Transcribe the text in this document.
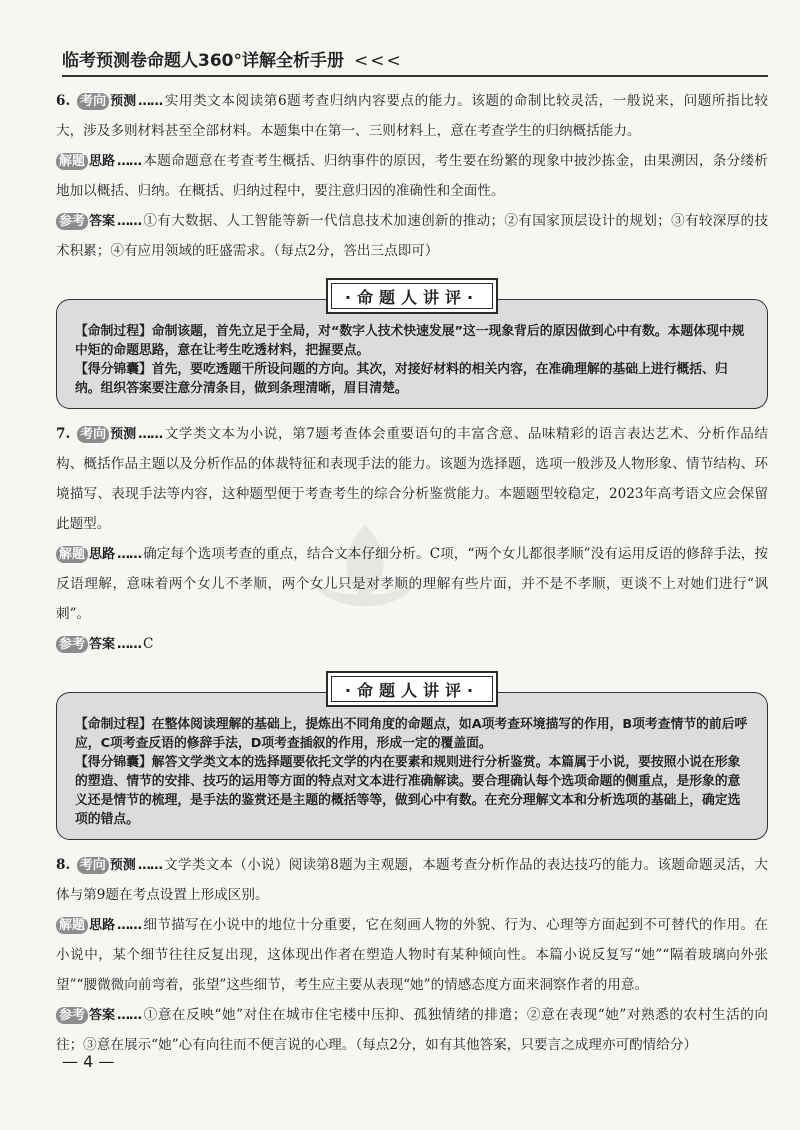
临考预测卷命题人360°详解全析手册 <<<

6. 考向 预测 …… 实用类文本阅读第6题考查归纳内容要点的能力。该题的命制比较灵活，一般说来，问题所指比较大，涉及多则材料甚至全部材料。本题集中在第一、三则材料上，意在考查学生的归纳概括能力。

解题 思路 …… 本题命题意在考查考生概括、归纳事件的原因，考生要在纷繁的现象中披沙拣金，由果溯因，条分缕析地加以概括、归纳。在概括、归纳过程中，要注意归因的准确性和全面性。

参考 答案 …… ①有大数据、人工智能等新一代信息技术加速创新的推动；②有国家顶层设计的规划；③有较深厚的技术积累；④有应用领域的旺盛需求。（每点2分，答出三点即可）

·命题人讲评·

【命制过程】命制该题，首先立足于全局，对“数字人技术快速发展”这一现象背后的原因做到心中有数。本题体现中规中矩的命题思路，意在让考生吃透材料，把握要点。

【得分锦囊】首先，要吃透题干所设问题的方向。其次，对接好材料的相关内容，在准确理解的基础上进行概括、归纳。组织答案要注意分清条目，做到条理清晰，眉目清楚。

7. 考向 预测 …… 文学类文本为小说，第7题考查体会重要语句的丰富含意、品味精彩的语言表达艺术、分析作品结构、概括作品主题以及分析作品的体裁特征和表现手法的能力。该题为选择题，选项一般涉及人物形象、情节结构、环境描写、表现手法等内容，这种题型便于考查考生的综合分析鉴赏能力。本题题型较稳定，2023年高考语文应会保留此题型。

解题 思路 …… 确定每个选项考查的重点，结合文本仔细分析。C项，“两个女儿都很孝顺”没有运用反语的修辞手法，按反语理解，意味着两个女儿不孝顺，两个女儿只是对孝顺的理解有些片面，并不是不孝顺，更谈不上对她们进行“讽刺”。

参考 答案 …… C

·命题人讲评·

【命制过程】在整体阅读理解的基础上，提炼出不同角度的命题点，如A项考查环境描写的作用，B项考查情节的前后呼应，C项考查反语的修辞手法，D项考查插叙的作用，形成一定的覆盖面。

【得分锦囊】解答文学类文本的选择题要依托文学的内在要素和规则进行分析鉴赏。本篇属于小说，要按照小说在形象的塑造、情节的安排、技巧的运用等方面的特点对文本进行准确解读。要合理确认每个选项命题的侧重点，是形象的意义还是情节的梳理，是手法的鉴赏还是主题的概括等等，做到心中有数。在充分理解文本和分析选项的基础上，确定选项的错点。

8. 考向 预测 …… 文学类文本（小说）阅读第8题为主观题，本题考查分析作品的表达技巧的能力。该题命题灵活，大体与第9题在考点设置上形成区别。

解题 思路 …… 细节描写在小说中的地位十分重要，它在刻画人物的外貌、行为、心理等方面起到不可替代的作用。在小说中，某个细节往往反复出现，这体现出作者在塑造人物时有某种倾向性。本篇小说反复写“她”“隔着玻璃向外张望”“腰微微向前弯着，张望”这些细节，考生应主要从表现“她”的情感态度方面来洞察作者的用意。

参考 答案 …… ①意在反映“她”对住在城市住宅楼中压抑、孤独情绪的排遣；②意在表现“她”对熟悉的农村生活的向往；③意在展示“她”心有向往而不便言说的心理。（每点2分，如有其他答案，只要言之成理亦可酌情给分）

— 4 —
